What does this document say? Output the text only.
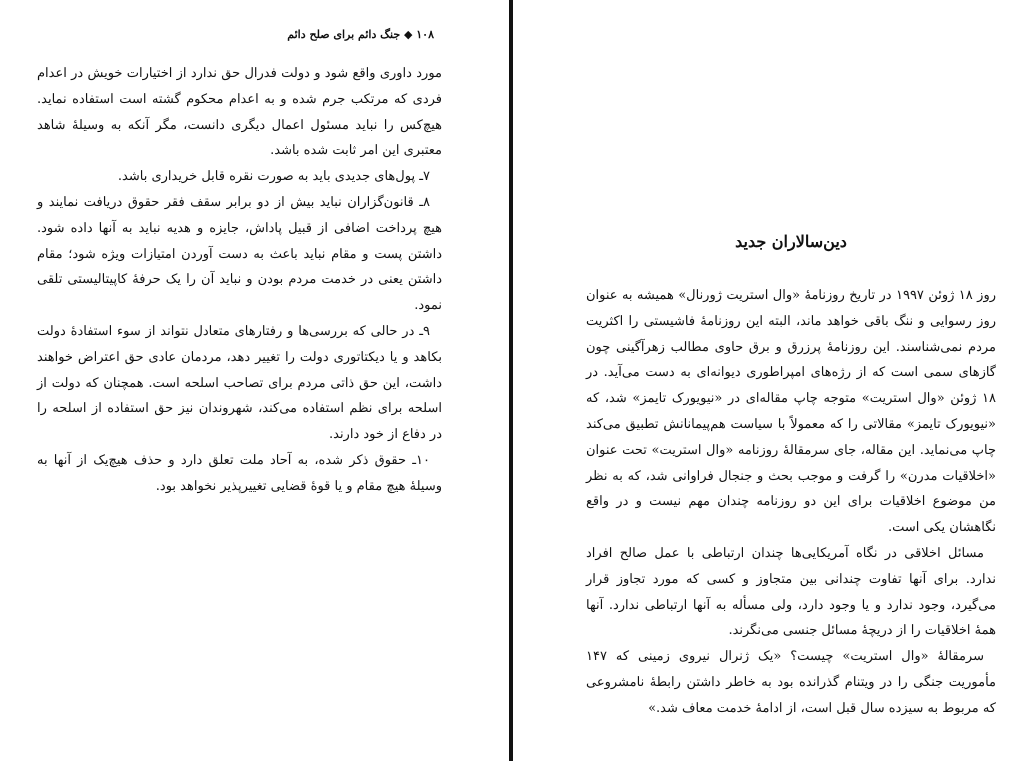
۱۰۸ ◆ جنگ دائم برای صلح دائم

مورد داوری واقع شود و دولت فدرال حق ندارد از اختیارات خویش در اعدام فردی که مرتکب جرم شده و به اعدام محکوم گشته است استفاده نماید. هیچ‌کس را نباید مسئول اعمال دیگری دانست، مگر آنکه به وسیلهٔ شاهد معتبری این امر ثابت شده باشد.

۷ـ پول‌های جدیدی باید به صورت نقره قابل خریداری باشد.

۸ـ قانون‌گزاران نباید بیش از دو برابر سقف فقر حقوق دریافت نمایند و هیچ پرداخت اضافی از قبیل پاداش، جایزه و هدیه نباید به آنها داده شود. داشتن پست و مقام نباید باعث به دست آوردن امتیازات ویژه شود؛ مقام داشتن یعنی در خدمت مردم بودن و نباید آن را یک حرفهٔ کاپیتالیستی تلقی نمود.

۹ـ در حالی که بررسی‌ها و رفتارهای متعادل نتواند از سوء استفادهٔ دولت بکاهد و یا دیکتاتوری دولت را تغییر دهد، مردمان عادی حق اعتراض خواهند داشت، این حق ذاتی مردم برای تصاحب اسلحه است. همچنان که دولت از اسلحه برای نظم استفاده می‌کند، شهروندان نیز حق استفاده از اسلحه را در دفاع از خود دارند.

۱۰ـ حقوق ذکر شده، به آحاد ملت تعلق دارد و حذف هیچ‌یک از آنها به وسیلهٔ هیچ مقام و یا قوهٔ قضایی تغییرپذیر نخواهد بود.

دین‌سالاران جدید

روز ۱۸ ژوئن ۱۹۹۷ در تاریخ روزنامهٔ «وال استریت ژورنال» همیشه به عنوان روز رسوایی و ننگ باقی خواهد ماند، البته این روزنامهٔ فاشیستی را اکثریت مردم نمی‌شناسند. این روزنامهٔ پرزرق و برق حاوی مطالب زهرآگینی چون گازهای سمی است که از رژه‌های امپراطوری دیوانه‌ای به دست می‌آید. در ۱۸ ژوئن «وال استریت» متوجه چاپ مقاله‌ای در «نیویورک تایمز» شد، که «نیویورک تایمز» مقالاتی را که معمولاً با سیاست هم‌پیمانانش تطبیق می‌کند چاپ می‌نماید. این مقاله، جای سرمقالهٔ روزنامه «وال استریت» تحت عنوان «اخلاقیات مدرن» را گرفت و موجب بحث و جنجال فراوانی شد، که به نظر من موضوع اخلاقیات برای این دو روزنامه چندان مهم نیست و در واقع نگاهشان یکی است.

مسائل اخلاقی در نگاه آمریکایی‌ها چندان ارتباطی با عمل صالح افراد ندارد. برای آنها تفاوت چندانی بین متجاوز و کسی که مورد تجاوز قرار می‌گیرد، وجود ندارد و یا وجود دارد، ولی مسأله به آنها ارتباطی ندارد. آنها همهٔ اخلاقیات را از دریچهٔ مسائل جنسی می‌نگرند.

سرمقالهٔ «وال استریت» چیست؟ «یک ژنرال نیروی زمینی که ۱۴۷ مأموریت جنگی را در ویتنام گذرانده بود به خاطر داشتن رابطهٔ نامشروعی که مربوط به سیزده سال قبل است، از ادامهٔ خدمت معاف شد.»
